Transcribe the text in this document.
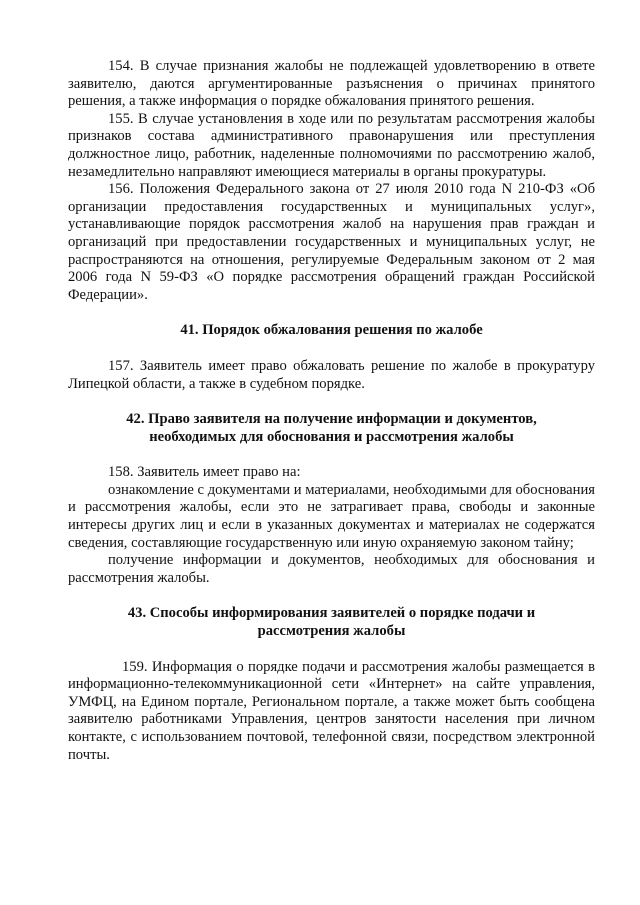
154. В случае признания жалобы не подлежащей удовлетворению в ответе заявителю, даются аргументированные разъяснения о причинах принятого решения, а также информация о порядке обжалования принятого решения.

155. В случае установления в ходе или по результатам рассмотрения жалобы признаков состава административного правонарушения или преступления должностное лицо, работник, наделенные полномочиями по рассмотрению жалоб, незамедлительно направляют имеющиеся материалы в органы прокуратуры.

156. Положения Федерального закона от 27 июля 2010 года N 210-ФЗ «Об организации предоставления государственных и муниципальных услуг», устанавливающие порядок рассмотрения жалоб на нарушения прав граждан и организаций при предоставлении государственных и муниципальных услуг, не распространяются на отношения, регулируемые Федеральным законом от 2 мая 2006 года N 59-ФЗ «О порядке рассмотрения обращений граждан Российской Федерации».

41. Порядок обжалования решения по жалобе

157. Заявитель имеет право обжаловать решение по жалобе в прокуратуру Липецкой области, а также в судебном порядке.

42. Право заявителя на получение информации и документов,
необходимых для обоснования и рассмотрения жалобы

158. Заявитель имеет право на:

ознакомление с документами и материалами, необходимыми для обоснования и рассмотрения жалобы, если это не затрагивает права, свободы и законные интересы других лиц и если в указанных документах и материалах не содержатся сведения, составляющие государственную или иную охраняемую законом тайну;

получение информации и документов, необходимых для обоснования и рассмотрения жалобы.

43. Способы информирования заявителей о порядке подачи и
рассмотрения жалобы

159. Информация о порядке подачи и рассмотрения жалобы размещается в информационно-телекоммуникационной сети «Интернет» на сайте управления, УМФЦ, на Едином портале, Региональном портале, а также может быть сообщена заявителю работниками Управления, центров занятости населения при личном контакте, с использованием почтовой, телефонной связи, посредством электронной почты.
